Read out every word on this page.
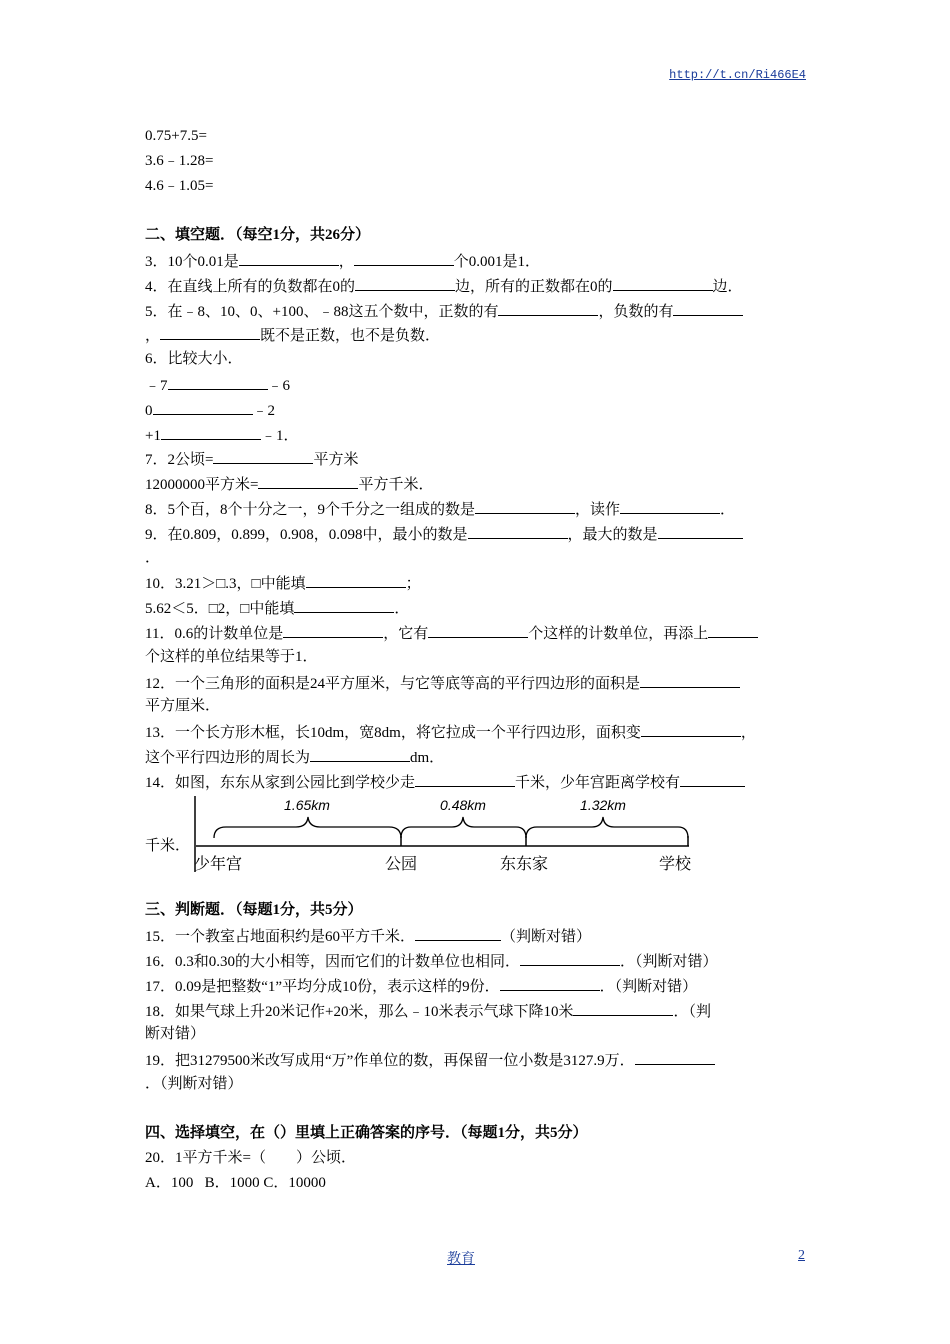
http://t.cn/Ri466E4
0.75+7.5=
3.6﹣1.28=
4.6﹣1.05=
二、填空题．（每空1分，共26分）
3．10个0.01是	，	个0.001是1．
4．在直线上所有的负数都在0的	边，所有的正数都在0的	边．
5．在﹣8、10、0、+100、﹣88这五个数中，正数的有	，负数的有
，	既不是正数，也不是负数．
6．比较大小．
﹣7	﹣6
0	﹣2
+1	﹣1．
7．2公顷=	平方米
12000000平方米=	平方千米．
8．5个百，8个十分之一，9个千分之一组成的数是	，读作	．
9．在0.809，0.899，0.908，0.098中，最小的数是	，最大的数是
．
10．3.21＞□.3，□中能填	；
5.62＜5．□2，□中能填	．
11．0.6的计数单位是	，它有	个这样的计数单位，再添上
个这样的单位结果等于1．
12．一个三角形的面积是24平方厘米，与它等底等高的平行四边形的面积是
平方厘米．
13．一个长方形木框，长10dm，宽8dm，将它拉成一个平行四边形，面积变	，
这个平行四边形的周长为	dm．
14．如图，东东从家到公园比到学校少走	千米，少年宫距离学校有
千米．
1.65km	0.48km	1.32km
少年宫	公园	东东家	学校
三、判断题．（每题1分，共5分）
15．一个教室占地面积约是60平方千米．	（判断对错）
16．0.3和0.30的大小相等，因而它们的计数单位也相同．	．（判断对错）
17．0.09是把整数“1”平均分成10份，表示这样的9份．	．（判断对错）
18．如果气球上升20米记作+20米，那么﹣10米表示气球下降10米	．（判
断对错）
19．把31279500米改写成用“万”作单位的数，再保留一位小数是3127.9万．
．（判断对错）
四、选择填空，在（）里填上正确答案的序号．（每题1分，共5分）
20．1平方千米=（　　）公顷．
A．100   B．1000 C．10000
教育	2
